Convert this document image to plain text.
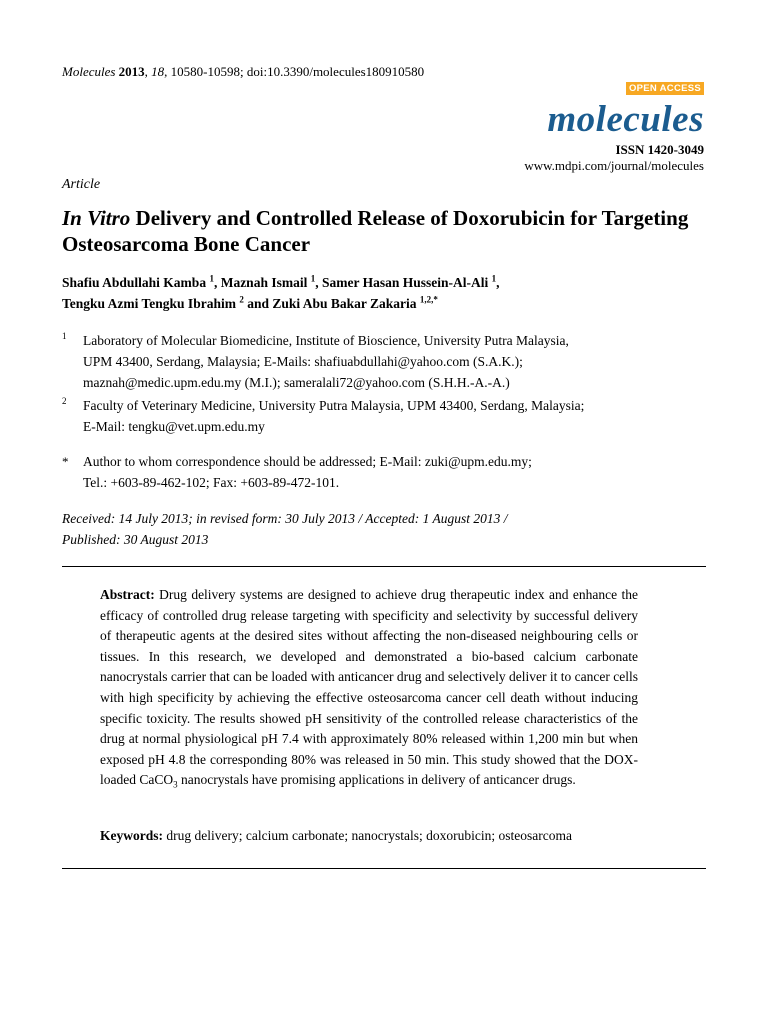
Molecules 2013, 18, 10580-10598; doi:10.3390/molecules180910580
OPEN ACCESS
molecules
ISSN 1420-3049
www.mdpi.com/journal/molecules
Article
In Vitro Delivery and Controlled Release of Doxorubicin for Targeting Osteosarcoma Bone Cancer
Shafiu Abdullahi Kamba $^1$, Maznah Ismail $^1$, Samer Hasan Hussein-Al-Ali $^1$,
Tengku Azmi Tengku Ibrahim $^2$ and Zuki Abu Bakar Zakaria $^{1,2,*}$
1 Laboratory of Molecular Biomedicine, Institute of Bioscience, University Putra Malaysia,
UPM 43400, Serdang, Malaysia; E-Mails: shafiuabdullahi@yahoo.com (S.A.K.);
maznah@medic.upm.edu.my (M.I.); sameralali72@yahoo.com (S.H.H.-A.-A.)
2 Faculty of Veterinary Medicine, University Putra Malaysia, UPM 43400, Serdang, Malaysia;
E-Mail: tengku@vet.upm.edu.my
* Author to whom correspondence should be addressed; E-Mail: zuki@upm.edu.my;
Tel.: +603-89-462-102; Fax: +603-89-472-101.
Received: 14 July 2013; in revised form: 30 July 2013 / Accepted: 1 August 2013 /
Published: 30 August 2013
Abstract: Drug delivery systems are designed to achieve drug therapeutic index and enhance the efficacy of controlled drug release targeting with specificity and selectivity by successful delivery of therapeutic agents at the desired sites without affecting the non-diseased neighbouring cells or tissues. In this research, we developed and demonstrated a bio-based calcium carbonate nanocrystals carrier that can be loaded with anticancer drug and selectively deliver it to cancer cells with high specificity by achieving the effective osteosarcoma cancer cell death without inducing specific toxicity. The results showed pH sensitivity of the controlled release characteristics of the drug at normal physiological pH 7.4 with approximately 80% released within 1,200 min but when exposed pH 4.8 the corresponding 80% was released in 50 min. This study showed that the DOX-loaded CaCO$_3$ nanocrystals have promising applications in delivery of anticancer drugs.
Keywords: drug delivery; calcium carbonate; nanocrystals; doxorubicin; osteosarcoma
